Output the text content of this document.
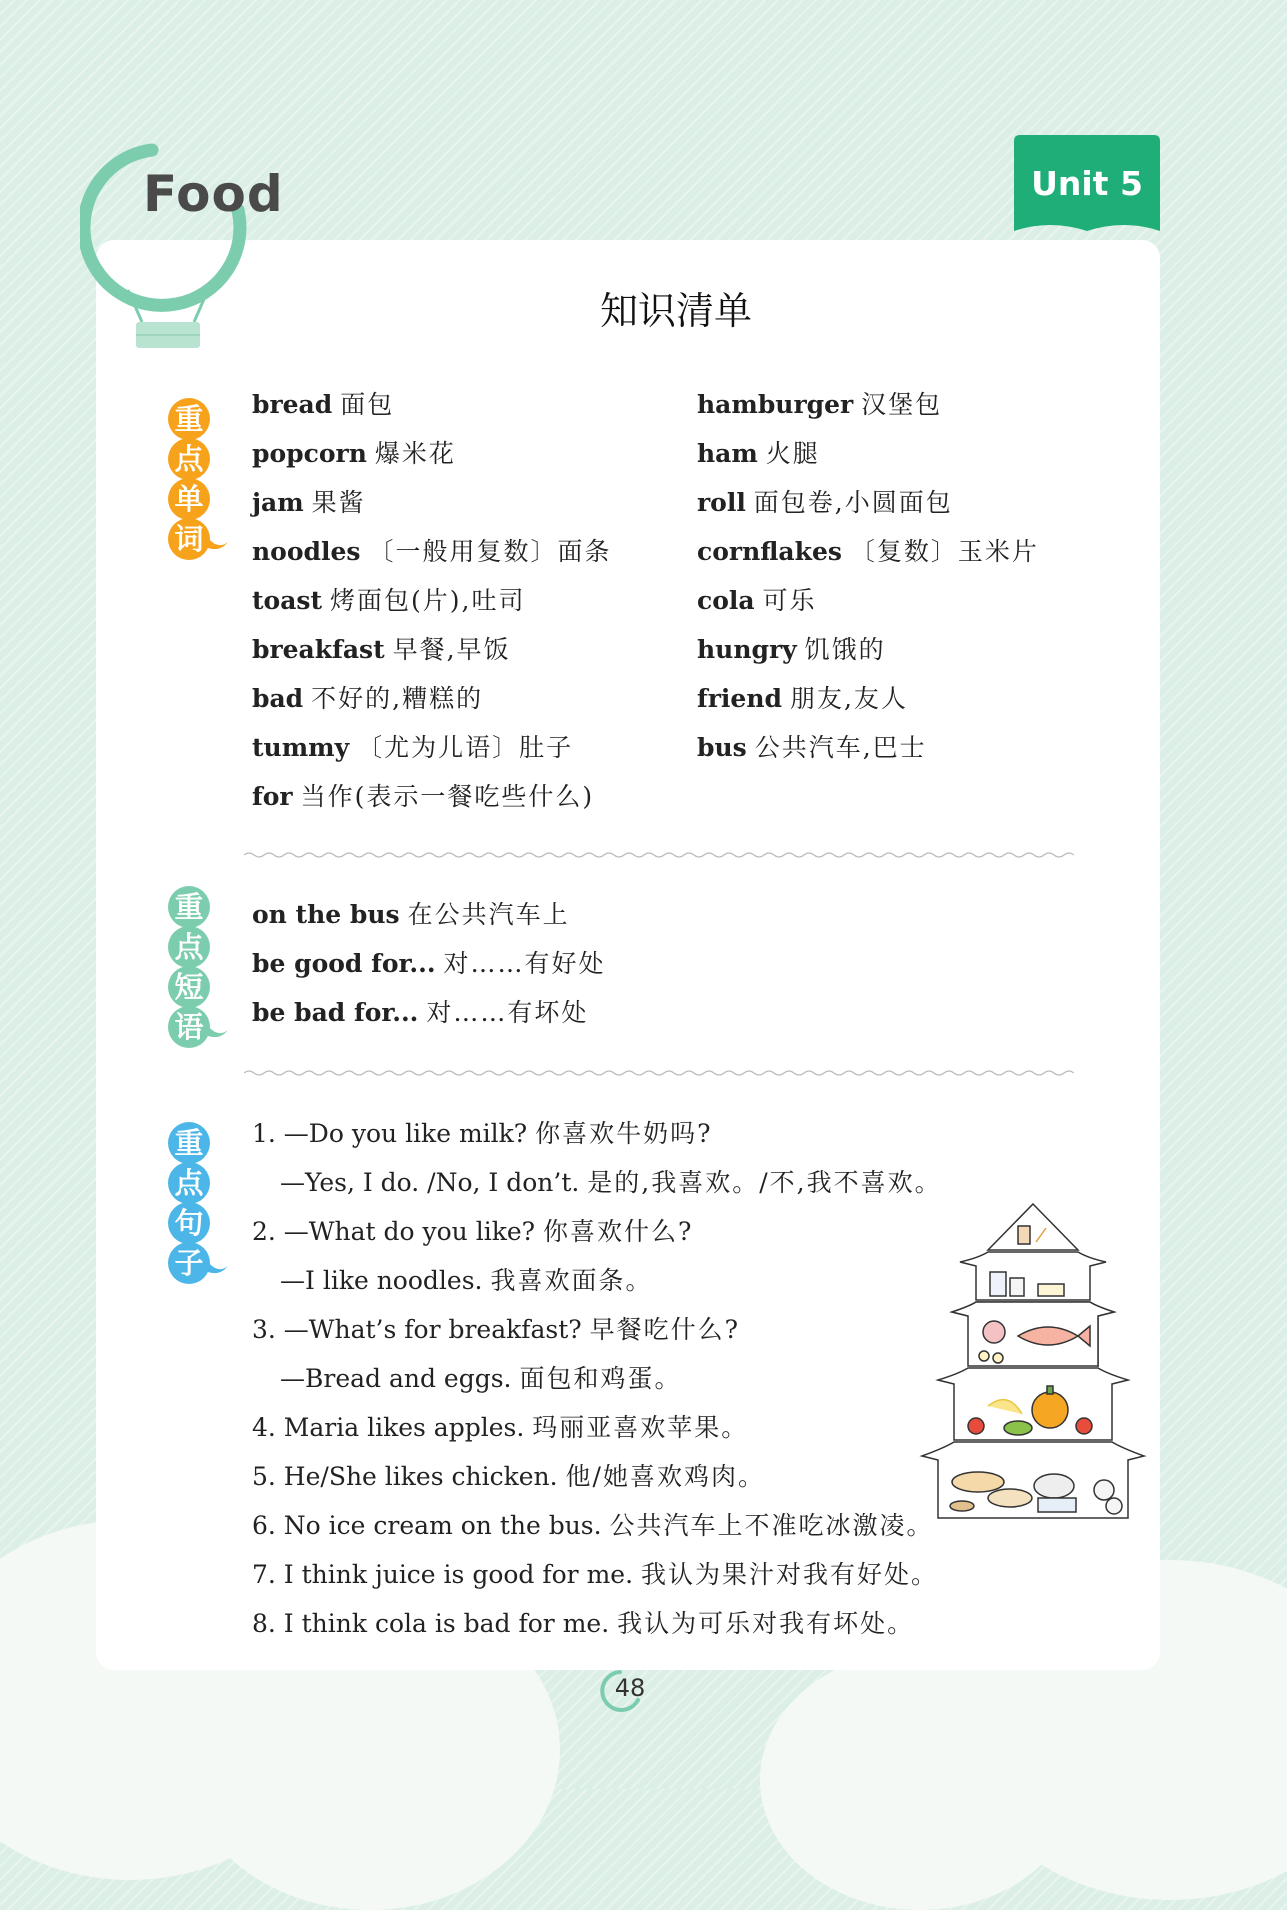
Food	Unit 5
知识清单
重
点
单
词
bread 面包
popcorn 爆米花
jam 果酱
noodles 〔一般用复数〕面条
toast 烤面包(片),吐司
breakfast 早餐,早饭
bad 不好的,糟糕的
tummy 〔尤为儿语〕肚子
for 当作(表示一餐吃些什么)
hamburger 汉堡包
ham 火腿
roll 面包卷,小圆面包
cornflakes 〔复数〕玉米片
cola 可乐
hungry 饥饿的
friend 朋友,友人
bus 公共汽车,巴士
重
点
短
语
on the bus 在公共汽车上
be good for... 对……有好处
be bad for... 对……有坏处
重
点
句
子
1. —Do you like milk? 你喜欢牛奶吗?
—Yes, I do. /No, I don’t. 是的,我喜欢。/不,我不喜欢。
2. —What do you like? 你喜欢什么?
—I like noodles. 我喜欢面条。
3. —What’s for breakfast? 早餐吃什么?
—Bread and eggs. 面包和鸡蛋。
4. Maria likes apples. 玛丽亚喜欢苹果。
5. He/She likes chicken. 他/她喜欢鸡肉。
6. No ice cream on the bus. 公共汽车上不准吃冰激凌。
7. I think juice is good for me. 我认为果汁对我有好处。
8. I think cola is bad for me. 我认为可乐对我有坏处。
48
